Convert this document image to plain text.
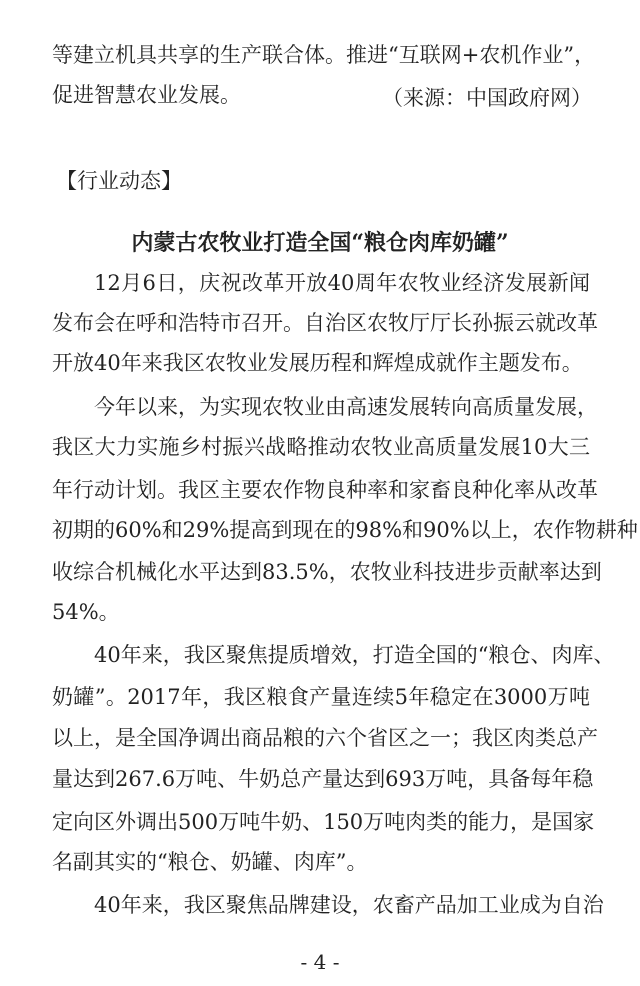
等建立机具共享的生产联合体。推进“互联网+农机作业”，
促进智慧农业发展。	（来源：中国政府网）
【行业动态】
内蒙古农牧业打造全国“粮仓肉库奶罐”
12月6日，庆祝改革开放40周年农牧业经济发展新闻
发布会在呼和浩特市召开。自治区农牧厅厅长孙振云就改革
开放40年来我区农牧业发展历程和辉煌成就作主题发布。
今年以来，为实现农牧业由高速发展转向高质量发展，
我区大力实施乡村振兴战略推动农牧业高质量发展10大三
年行动计划。我区主要农作物良种率和家畜良种化率从改革
初期的60%和29%提高到现在的98%和90%以上，农作物耕种
收综合机械化水平达到83.5%，农牧业科技进步贡献率达到
54%。
40年来，我区聚焦提质增效，打造全国的“粮仓、肉库、
奶罐”。2017年，我区粮食产量连续5年稳定在3000万吨
以上，是全国净调出商品粮的六个省区之一；我区肉类总产
量达到267.6万吨、牛奶总产量达到693万吨，具备每年稳
定向区外调出500万吨牛奶、150万吨肉类的能力，是国家
名副其实的“粮仓、奶罐、肉库”。
40年来，我区聚焦品牌建设，农畜产品加工业成为自治
- 4 -
